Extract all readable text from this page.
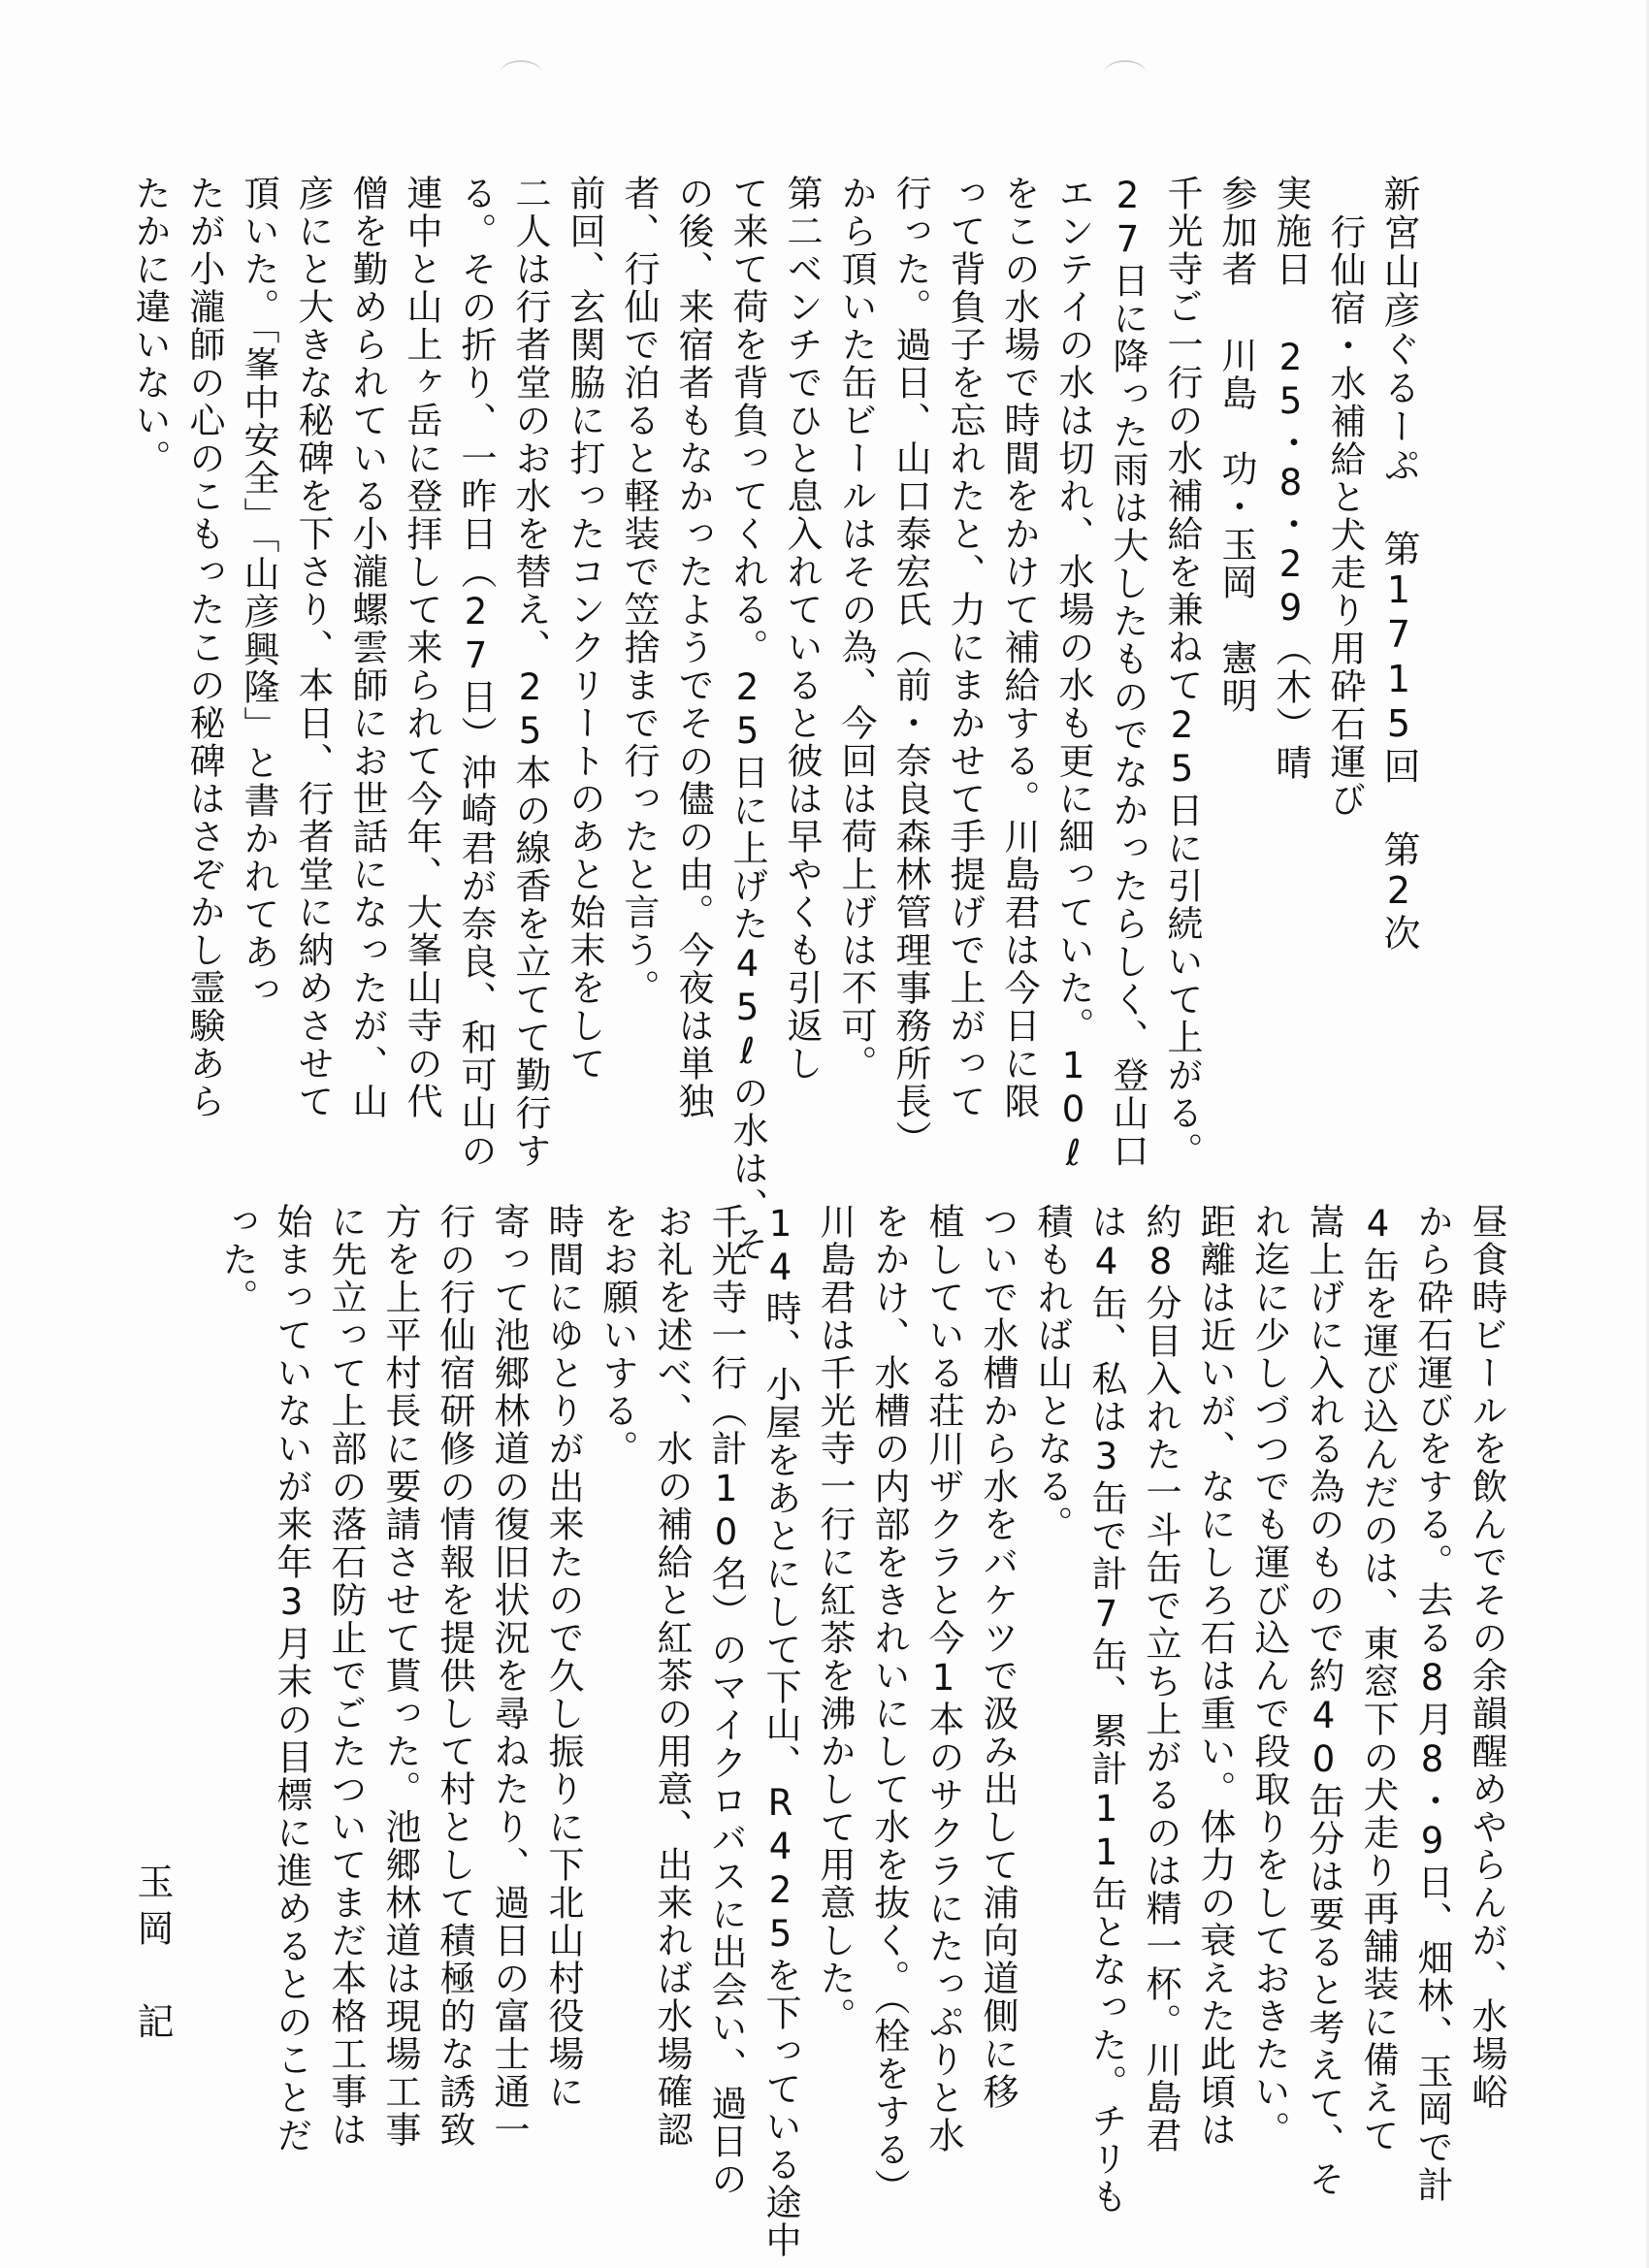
新宮山彦ぐるーぷ 第1715回 第2次
行仙宿・水補給と犬走り用砕石運び
実施日25・8・29（木）晴
参加者川島　功・玉岡　憲明
千光寺ご一行の水補給を兼ねて25日に引続いて上がる。
27日に降った雨は大したものでなかったらしく、登山口
エンテイの水は切れ、水場の水も更に細っていた。10ℓ
をこの水場で時間をかけて補給する。川島君は今日に限
って背負子を忘れたと、力にまかせて手提げで上がって
行った。過日、山口泰宏氏（前・奈良森林管理事務所長）
から頂いた缶ビールはその為、今回は荷上げは不可。
第二ベンチでひと息入れていると彼は早やくも引返し
て来て荷を背負ってくれる。25日に上げた45ℓの水は、そ
の後、来宿者もなかったようでその儘の由。今夜は単独
者、行仙で泊ると軽装で笠捨まで行ったと言う。
前回、玄関脇に打ったコンクリートのあと始末をして
二人は行者堂のお水を替え、25本の線香を立てて勤行す
る。その折り、一昨日（27日）沖崎君が奈良、和可山の
連中と山上ヶ岳に登拝して来られて今年、大峯山寺の代
僧を勤められている小瀧螺雲師にお世話になったが、山
彦にと大きな秘碑を下さり、本日、行者堂に納めさせて
頂いた。「峯中安全」「山彦興隆」と書かれてあっ
たが小瀧師の心のこもったこの秘碑はさぞかし霊験あら
たかに違いない。
昼食時ビールを飲んでその余韻醒めやらんが、水場峪
から砕石運びをする。去る8月8・9日、畑林、玉岡で計
4缶を運び込んだのは、東窓下の犬走り再舗装に備えて
嵩上げに入れる為のもので約40缶分は要ると考えて、そ
れ迄に少しづつでも運び込んで段取りをしておきたい。
距離は近いが、なにしろ石は重い。体力の衰えた此頃は
約8分目入れた一斗缶で立ち上がるのは精一杯。川島君
は4缶、私は3缶で計7缶、累計11缶となった。チリも
積もれば山となる。
ついで水槽から水をバケツで汲み出して浦向道側に移
植している荘川ザクラと今1本のサクラにたっぷりと水
をかけ、水槽の内部をきれいにして水を抜く。（栓をする）
川島君は千光寺一行に紅茶を沸かして用意した。
14時、小屋をあとにして下山、R425を下っている途中
千光寺一行（計10名）のマイクロバスに出会い、過日の
お礼を述べ、水の補給と紅茶の用意、出来れば水場確認
をお願いする。
時間にゆとりが出来たので久し振りに下北山村役場に
寄って池郷林道の復旧状況を尋ねたり、過日の富士通一
行の行仙宿研修の情報を提供して村として積極的な誘致
方を上平村長に要請させて貰った。池郷林道は現場工事
に先立って上部の落石防止でごたついてまだ本格工事は
始まっていないが来年3月末の目標に進めるとのことだ
った。
玉岡　記
